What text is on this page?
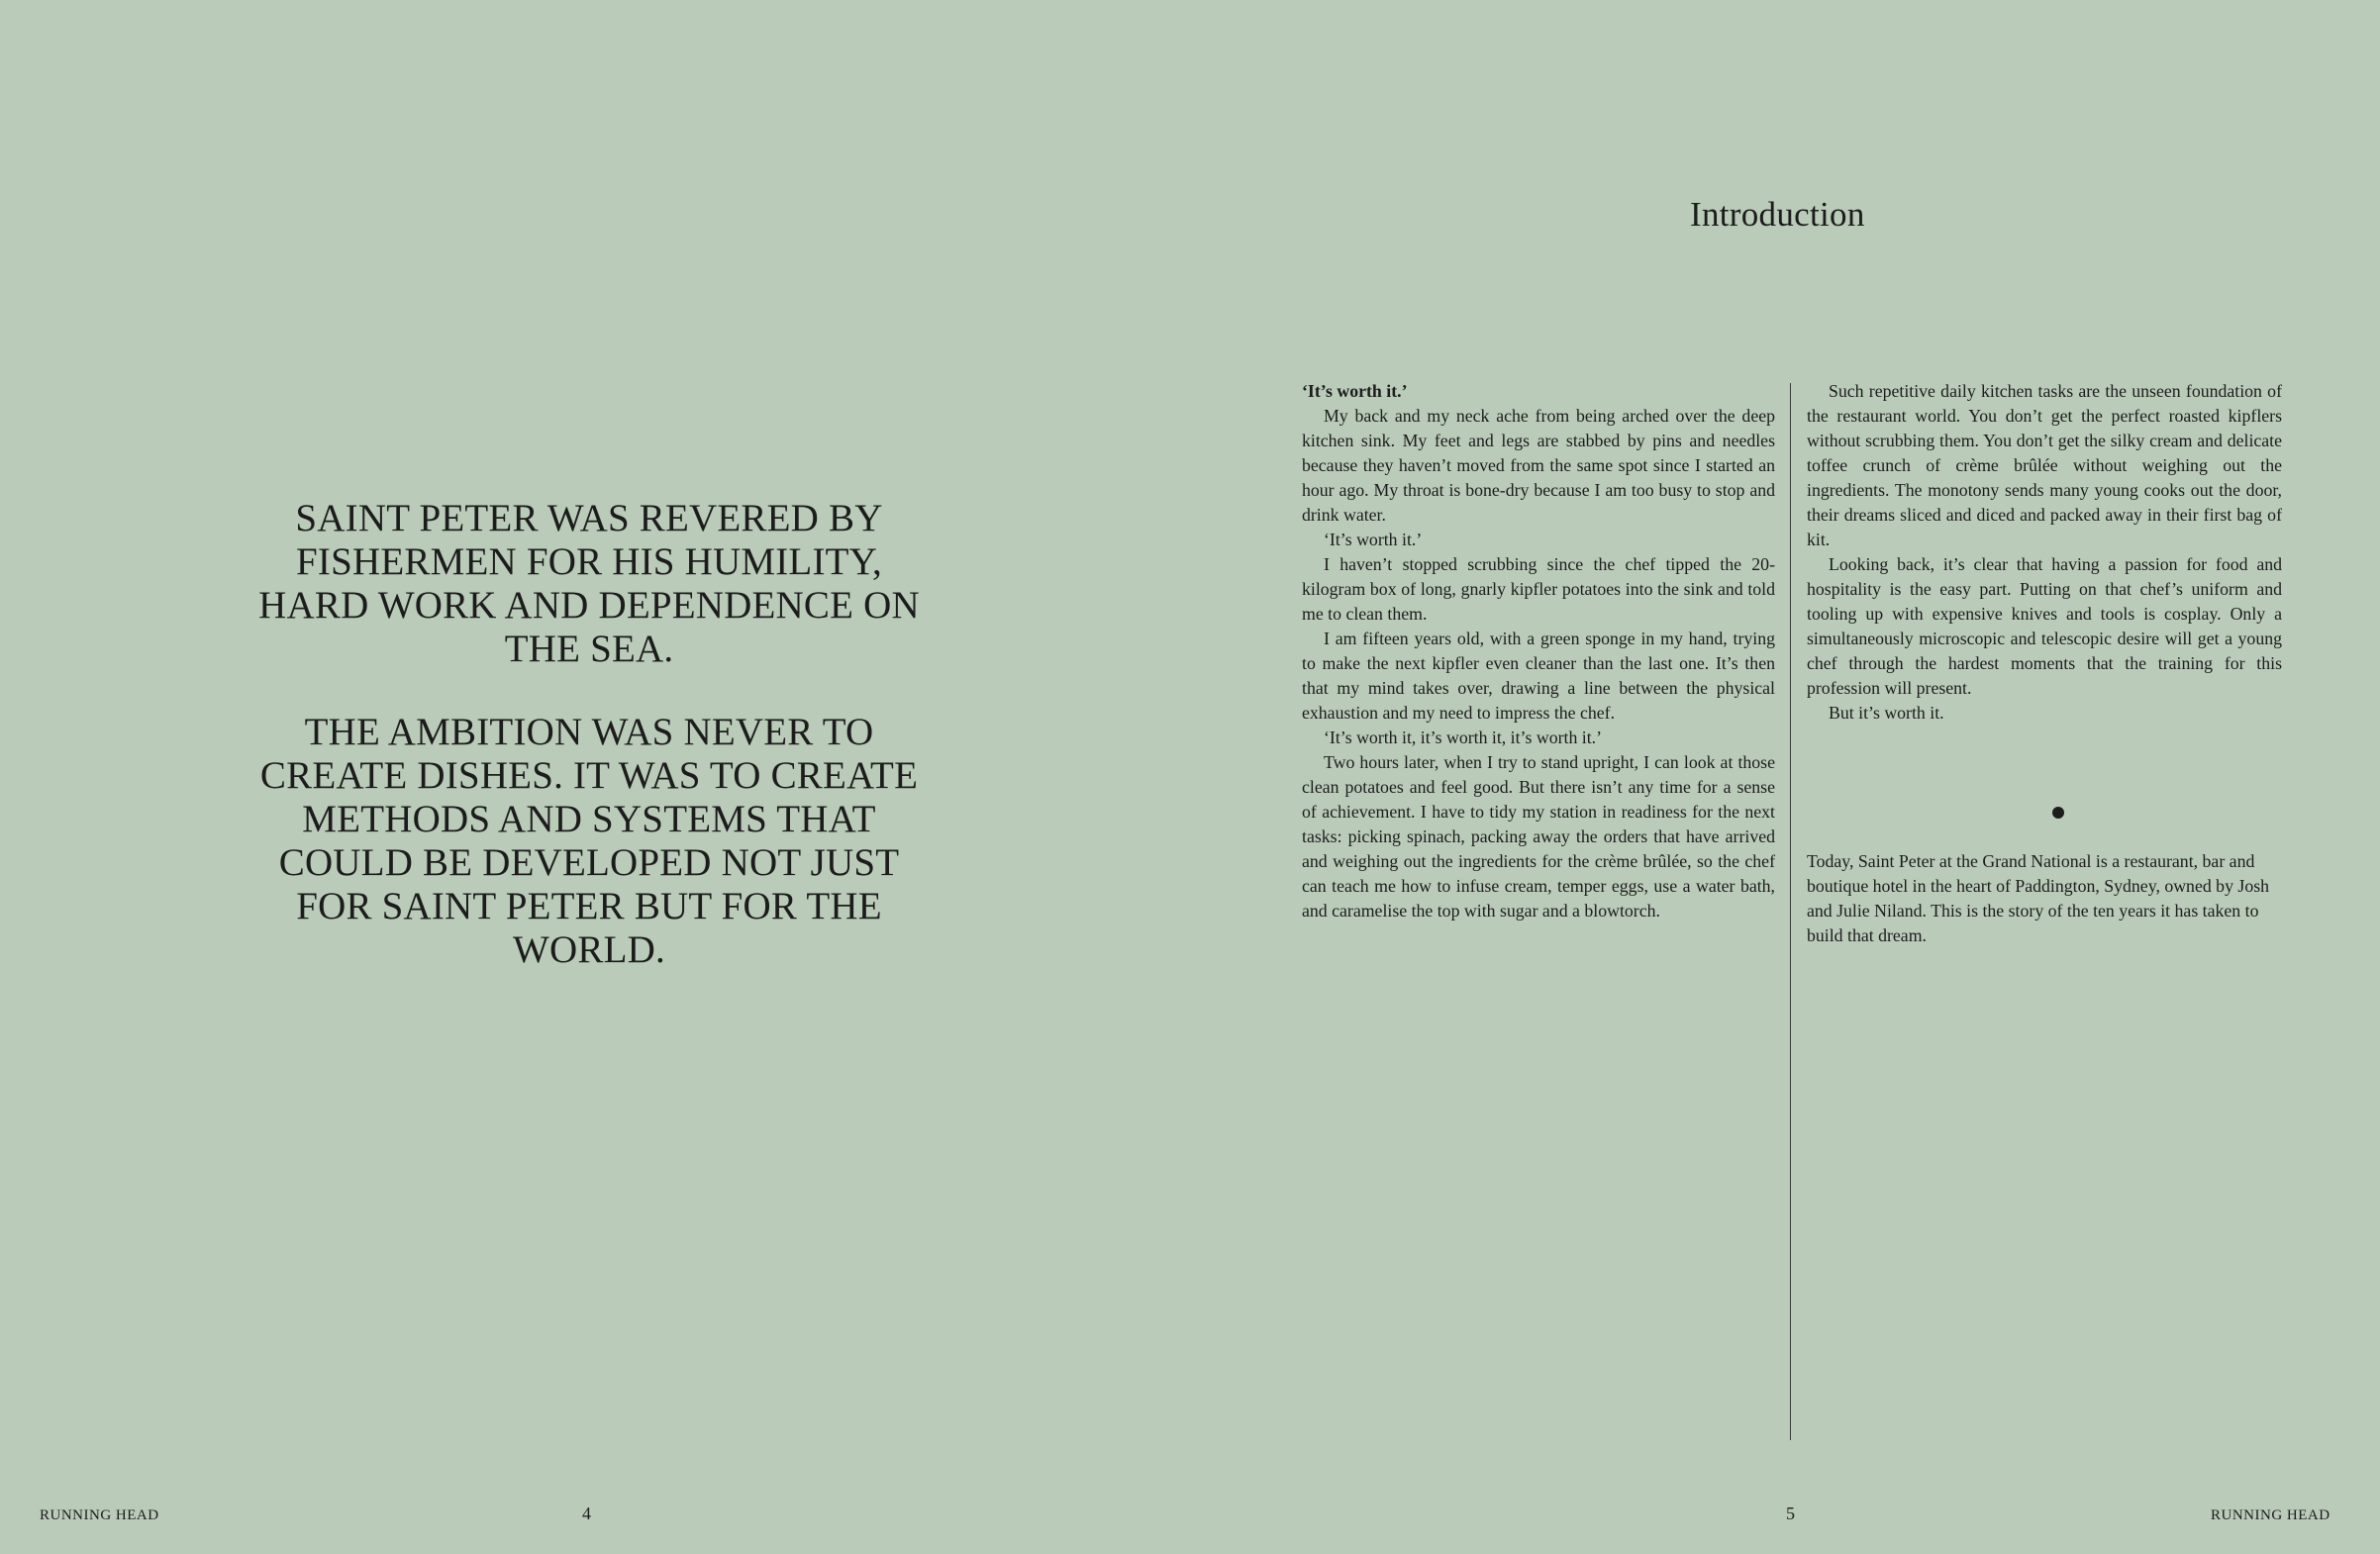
SAINT PETER WAS REVERED BY FISHERMEN FOR HIS HUMILITY, HARD WORK AND DEPENDENCE ON THE SEA.

THE AMBITION WAS NEVER TO CREATE DISHES. IT WAS TO CREATE METHODS AND SYSTEMS THAT COULD BE DEVELOPED NOT JUST FOR SAINT PETER BUT FOR THE WORLD.

RUNNING HEAD	4
Introduction

‘It’s worth it.’

My back and my neck ache from being arched over the deep kitchen sink. My feet and legs are stabbed by pins and needles because they haven’t moved from the same spot since I started an hour ago. My throat is bone-dry because I am too busy to stop and drink water.

‘It’s worth it.’

I haven’t stopped scrubbing since the chef tipped the 20-kilogram box of long, gnarly kipfler potatoes into the sink and told me to clean them.

I am fifteen years old, with a green sponge in my hand, trying to make the next kipfler even cleaner than the last one. It’s then that my mind takes over, drawing a line between the physical exhaustion and my need to impress the chef.

‘It’s worth it, it’s worth it, it’s worth it.’

Two hours later, when I try to stand upright, I can look at those clean potatoes and feel good. But there isn’t any time for a sense of achievement. I have to tidy my station in readiness for the next tasks: picking spinach, packing away the orders that have arrived and weighing out the ingredients for the crème brûlée, so the chef can teach me how to infuse cream, temper eggs, use a water bath, and caramelise the top with sugar and a blowtorch.

Such repetitive daily kitchen tasks are the unseen foundation of the restaurant world. You don’t get the perfect roasted kipflers without scrubbing them. You don’t get the silky cream and delicate toffee crunch of crème brûlée without weighing out the ingredients. The monotony sends many young cooks out the door, their dreams sliced and diced and packed away in their first bag of kit.

Looking back, it’s clear that having a passion for food and hospitality is the easy part. Putting on that chef’s uniform and tooling up with expensive knives and tools is cosplay. Only a simultaneously microscopic and telescopic desire will get a young chef through the hardest moments that the training for this profession will present.

But it’s worth it.

Today, Saint Peter at the Grand National is a restaurant, bar and boutique hotel in the heart of Paddington, Sydney, owned by Josh and Julie Niland. This is the story of the ten years it has taken to build that dream.
5	RUNNING HEAD
